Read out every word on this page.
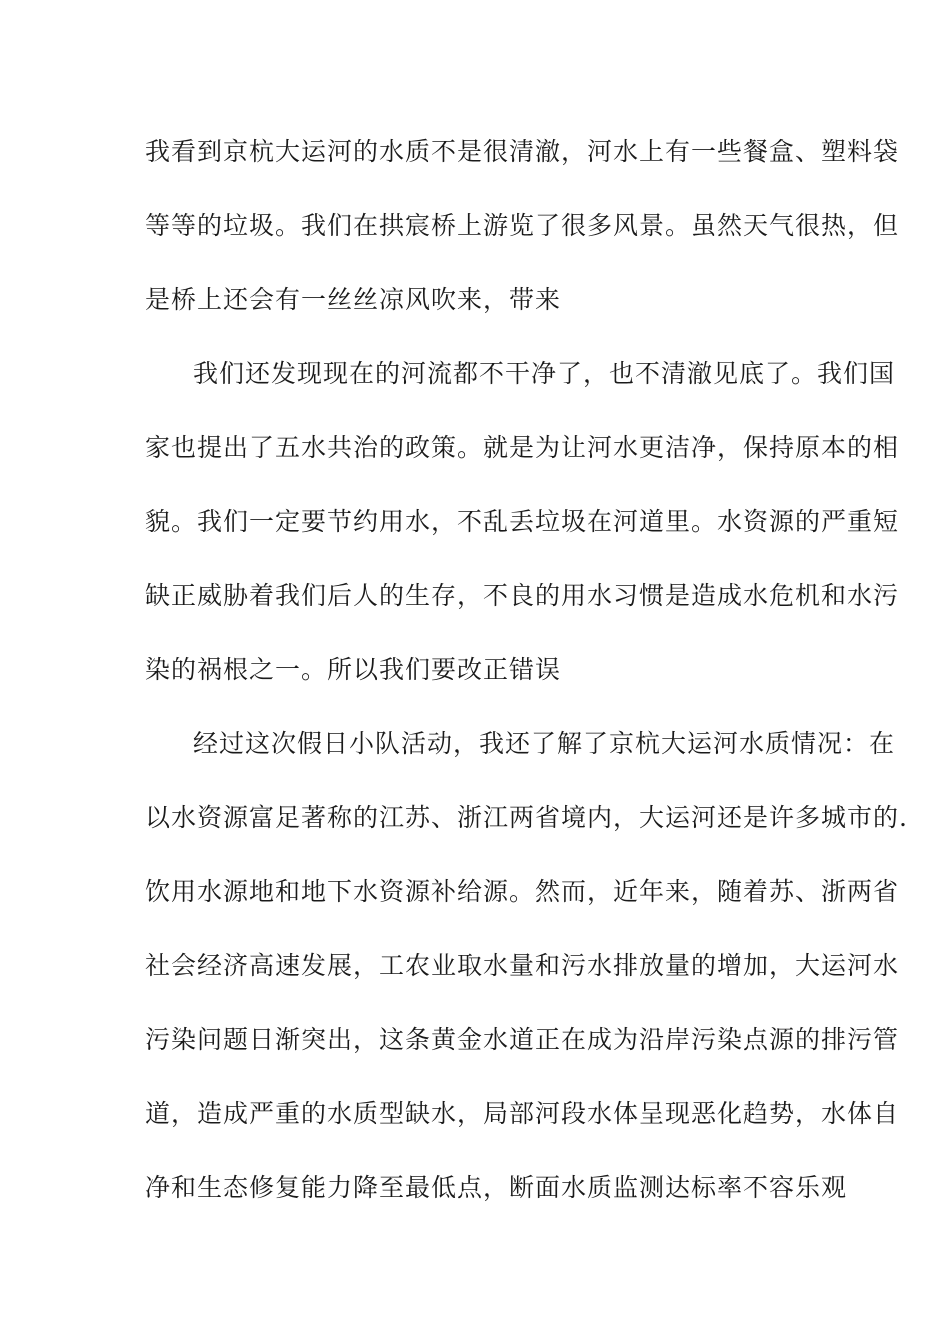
我看到京杭大运河的水质不是很清澈，河水上有一些餐盒、塑料袋
等等的垃圾。我们在拱宸桥上游览了很多风景。虽然天气很热，但
是桥上还会有一丝丝凉风吹来，带来
我们还发现现在的河流都不干净了，也不清澈见底了。我们国
家也提出了五水共治的政策。就是为让河水更洁净，保持原本的相
貌。我们一定要节约用水，不乱丢垃圾在河道里。水资源的严重短
缺正威胁着我们后人的生存，不良的用水习惯是造成水危机和水污
染的祸根之一。所以我们要改正错误
经过这次假日小队活动，我还了解了京杭大运河水质情况：在
以水资源富足著称的江苏、浙江两省境内，大运河还是许多城市的.
饮用水源地和地下水资源补给源。然而，近年来，随着苏、浙两省
社会经济高速发展，工农业取水量和污水排放量的增加，大运河水
污染问题日渐突出，这条黄金水道正在成为沿岸污染点源的排污管
道，造成严重的水质型缺水，局部河段水体呈现恶化趋势，水体自
净和生态修复能力降至最低点，断面水质监测达标率不容乐观
